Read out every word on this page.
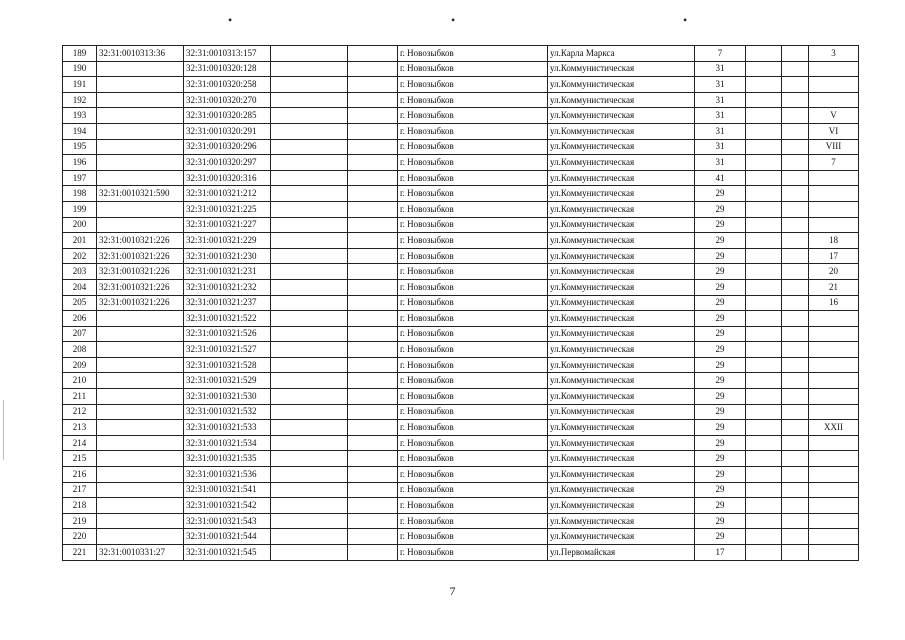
•	•	•
189	32:31:0010313:36	32:31:0010313:157			г. Новозыбков	ул.Карла Маркса	7			3
190		32:31:0010320:128			г. Новозыбков	ул.Коммунистическая	31			
191		32:31:0010320:258			г. Новозыбков	ул.Коммунистическая	31			
192		32:31:0010320:270			г. Новозыбков	ул.Коммунистическая	31			
193		32:31:0010320:285			г. Новозыбков	ул.Коммунистическая	31			V
194		32:31:0010320:291			г. Новозыбков	ул.Коммунистическая	31			VI
195		32:31:0010320:296			г. Новозыбков	ул.Коммунистическая	31			VIII
196		32:31:0010320:297			г. Новозыбков	ул.Коммунистическая	31			7
197		32:31:0010320:316			г. Новозыбков	ул.Коммунистическая	41			
198	32:31:0010321:590	32:31:0010321:212			г. Новозыбков	ул.Коммунистическая	29			
199		32:31:0010321:225			г. Новозыбков	ул.Коммунистическая	29			
200		32:31:0010321:227			г. Новозыбков	ул.Коммунистическая	29			
201	32:31:0010321:226	32:31:0010321:229			г. Новозыбков	ул.Коммунистическая	29			18
202	32:31:0010321:226	32:31:0010321:230			г. Новозыбков	ул.Коммунистическая	29			17
203	32:31:0010321:226	32:31:0010321:231			г. Новозыбков	ул.Коммунистическая	29			20
204	32:31:0010321:226	32:31:0010321:232			г. Новозыбков	ул.Коммунистическая	29			21
205	32:31:0010321:226	32:31:0010321:237			г. Новозыбков	ул.Коммунистическая	29			16
206		32:31:0010321:522			г. Новозыбков	ул.Коммунистическая	29			
207		32:31:0010321:526			г. Новозыбков	ул.Коммунистическая	29			
208		32:31:0010321:527			г. Новозыбков	ул.Коммунистическая	29			
209		32:31:0010321:528			г. Новозыбков	ул.Коммунистическая	29			
210		32:31:0010321:529			г. Новозыбков	ул.Коммунистическая	29			
211		32:31:0010321:530			г. Новозыбков	ул.Коммунистическая	29			
212		32:31:0010321:532			г. Новозыбков	ул.Коммунистическая	29			
213		32:31:0010321:533			г. Новозыбков	ул.Коммунистическая	29			XXII
214		32:31:0010321:534			г. Новозыбков	ул.Коммунистическая	29			
215		32:31:0010321:535			г. Новозыбков	ул.Коммунистическая	29			
216		32:31:0010321:536			г. Новозыбков	ул.Коммунистическая	29			
217		32:31:0010321:541			г. Новозыбков	ул.Коммунистическая	29			
218		32:31:0010321:542			г. Новозыбков	ул.Коммунистическая	29			
219		32:31:0010321:543			г. Новозыбков	ул.Коммунистическая	29			
220		32:31:0010321:544			г. Новозыбков	ул.Коммунистическая	29			
221	32:31:0010331:27	32:31:0010321:545			г. Новозыбков	ул.Первомайская	17			
7
